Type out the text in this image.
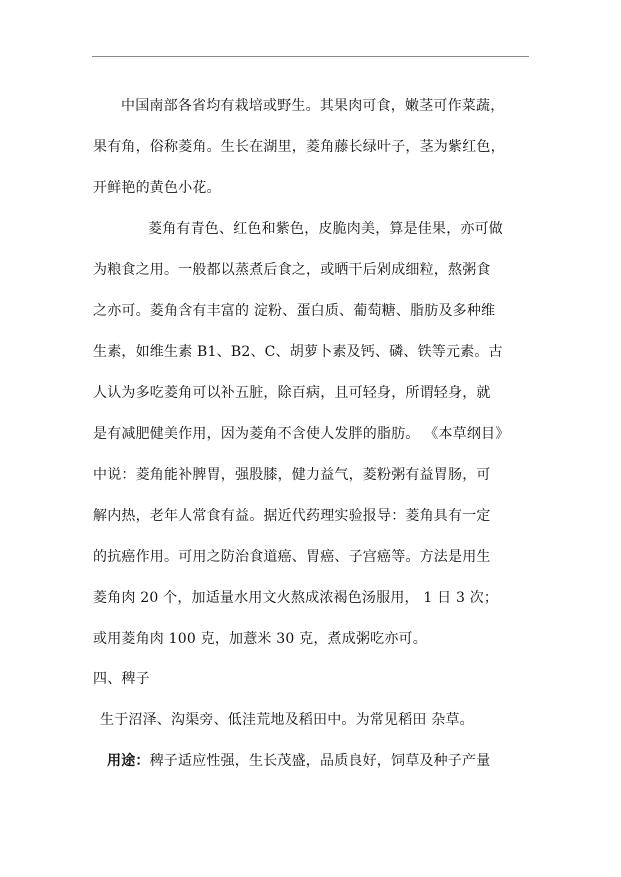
中国南部各省均有栽培或野生。其果肉可食，嫩茎可作菜蔬，
果有角，俗称菱角。生长在湖里，菱角藤长绿叶子，茎为紫红色，
开鲜艳的黄色小花。
菱角有青色、红色和紫色，皮脆肉美，算是佳果，亦可做
为粮食之用。一般都以蒸煮后食之，或晒干后剁成细粒，熬粥食
之亦可。菱角含有丰富的 淀粉、蛋白质、葡萄糖、脂肪及多种维
生素，如维生素 B1、B2、C、胡萝卜素及钙、磷、铁等元素。古
人认为多吃菱角可以补五脏，除百病，且可轻身，所谓轻身，就
是有减肥健美作用，因为菱角不含使人发胖的脂肪。 《本草纲目》
中说：菱角能补脾胃，强股膝，健力益气，菱粉粥有益胃肠，可
解内热，老年人常食有益。据近代药理实验报导：菱角具有一定
的抗癌作用。可用之防治食道癌、胃癌、子宫癌等。方法是用生
菱角肉 20 个，加适量水用文火熬成浓褐色汤服用， 1 日 3 次；
或用菱角肉 100 克，加薏米 30 克，煮成粥吃亦可。
四、稗子
生于沼泽、沟渠旁、低洼荒地及稻田中。为常见稻田 杂草。
用途：稗子适应性强，生长茂盛，品质良好，饲草及种子产量
